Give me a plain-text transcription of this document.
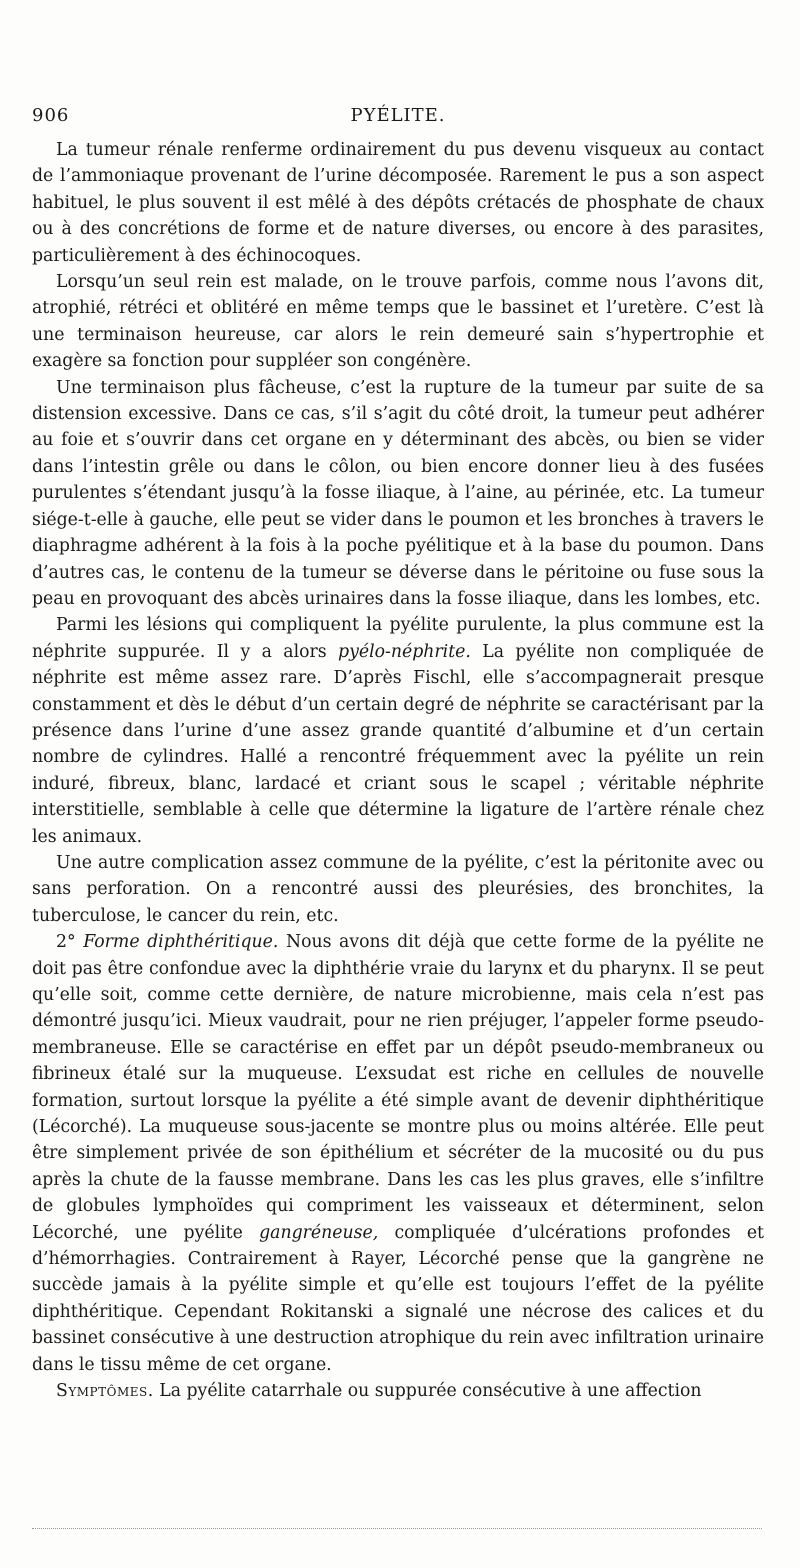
906	PYÉLITE.

La tumeur rénale renferme ordinairement du pus devenu visqueux au contact de l’ammoniaque provenant de l’urine décomposée. Rarement le pus a son aspect habituel, le plus souvent il est mêlé à des dépôts crétacés de phosphate de chaux ou à des concrétions de forme et de nature diverses, ou encore à des parasites, particulièrement à des échinocoques.

Lorsqu’un seul rein est malade, on le trouve parfois, comme nous l’avons dit, atrophié, rétréci et oblitéré en même temps que le bassinet et l’uretère. C’est là une terminaison heureuse, car alors le rein demeuré sain s’hypertrophie et exagère sa fonction pour suppléer son congénère.

Une terminaison plus fâcheuse, c’est la rupture de la tumeur par suite de sa distension excessive. Dans ce cas, s’il s’agit du côté droit, la tumeur peut adhérer au foie et s’ouvrir dans cet organe en y déterminant des abcès, ou bien se vider dans l’intestin grêle ou dans le côlon, ou bien encore donner lieu à des fusées purulentes s’étendant jusqu’à la fosse iliaque, à l’aine, au périnée, etc. La tumeur siége-t-elle à gauche, elle peut se vider dans le poumon et les bronches à travers le diaphragme adhérent à la fois à la poche pyélitique et à la base du poumon. Dans d’autres cas, le contenu de la tumeur se déverse dans le péritoine ou fuse sous la peau en provoquant des abcès urinaires dans la fosse iliaque, dans les lombes, etc.

Parmi les lésions qui compliquent la pyélite purulente, la plus commune est la néphrite suppurée. Il y a alors pyélo-néphrite. La pyélite non compliquée de néphrite est même assez rare. D’après Fischl, elle s’accompagnerait presque constamment et dès le début d’un certain degré de néphrite se caractérisant par la présence dans l’urine d’une assez grande quantité d’albumine et d’un certain nombre de cylindres. Hallé a rencontré fréquemment avec la pyélite un rein induré, fibreux, blanc, lardacé et criant sous le scapel ; véritable néphrite interstitielle, semblable à celle que détermine la ligature de l’artère rénale chez les animaux.

Une autre complication assez commune de la pyélite, c’est la péritonite avec ou sans perforation. On a rencontré aussi des pleurésies, des bronchites, la tuberculose, le cancer du rein, etc.

2° Forme diphthéritique. Nous avons dit déjà que cette forme de la pyélite ne doit pas être confondue avec la diphthérie vraie du larynx et du pharynx. Il se peut qu’elle soit, comme cette dernière, de nature microbienne, mais cela n’est pas démontré jusqu’ici. Mieux vaudrait, pour ne rien préjuger, l’appeler forme pseudo-membraneuse. Elle se caractérise en effet par un dépôt pseudo-membraneux ou fibrineux étalé sur la muqueuse. L’exsudat est riche en cellules de nouvelle formation, surtout lorsque la pyélite a été simple avant de devenir diphthéritique (Lécorché). La muqueuse sous-jacente se montre plus ou moins altérée. Elle peut être simplement privée de son épithélium et sécréter de la mucosité ou du pus après la chute de la fausse membrane. Dans les cas les plus graves, elle s’infiltre de globules lymphoïdes qui compriment les vaisseaux et déterminent, selon Lécorché, une pyélite gangréneuse, compliquée d’ulcérations profondes et d’hémorrhagies. Contrairement à Rayer, Lécorché pense que la gangrène ne succède jamais à la pyélite simple et qu’elle est toujours l’effet de la pyélite diphthéritique. Cependant Rokitanski a signalé une nécrose des calices et du bassinet consécutive à une destruction atrophique du rein avec infiltration urinaire dans le tissu même de cet organe.

Symptômes. La pyélite catarrhale ou suppurée consécutive à une affection
